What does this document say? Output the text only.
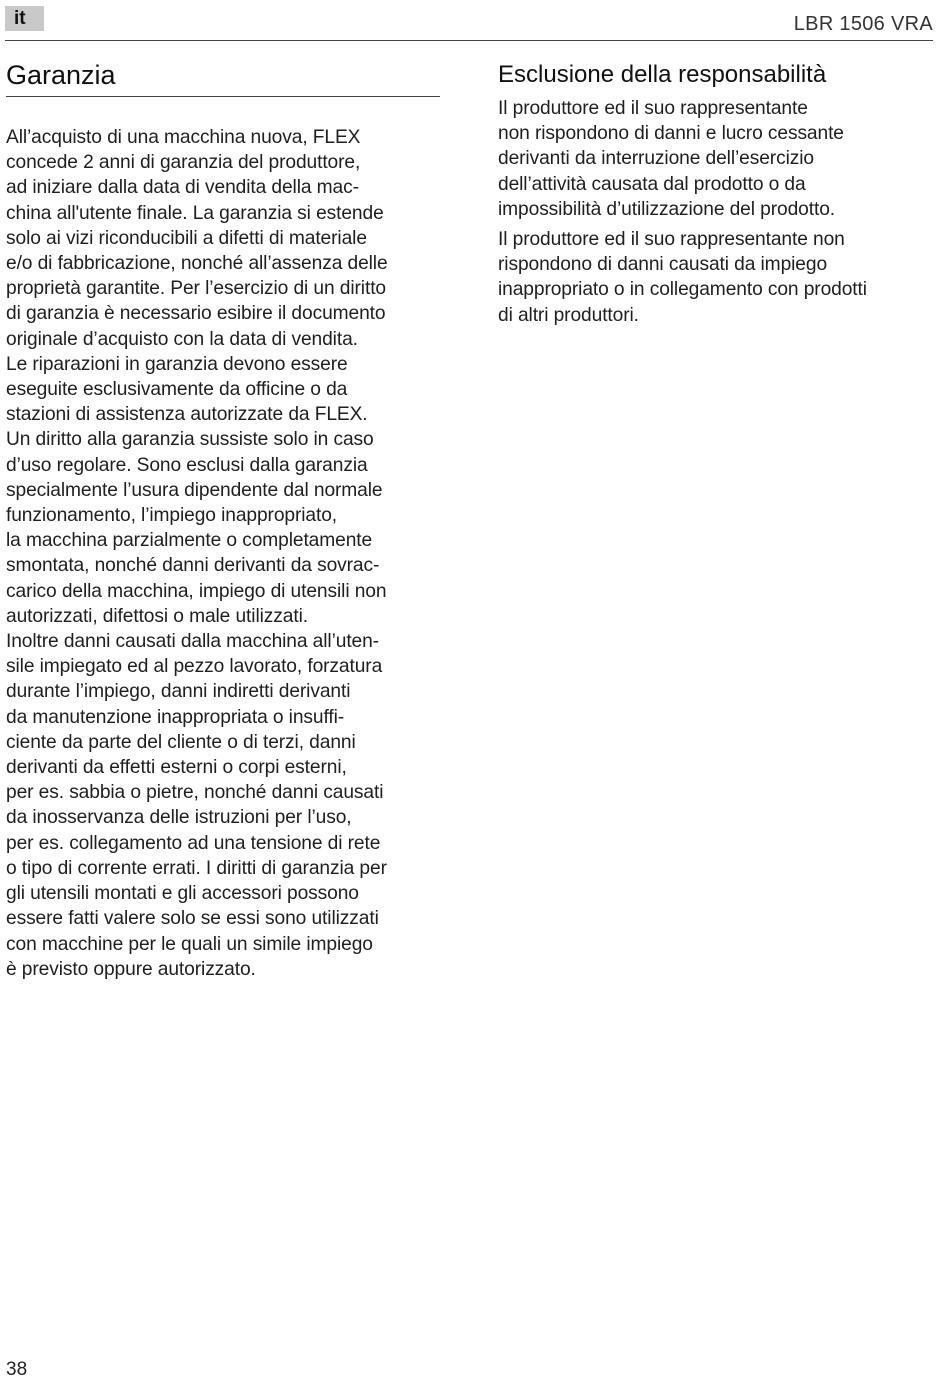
it	LBR 1506 VRA
Garanzia

All’acquisto di una macchina nuova, FLEX
concede 2 anni di garanzia del produttore,
ad iniziare dalla data di vendita della mac-
china all'utente finale. La garanzia si estende
solo ai vizi riconducibili a difetti di materiale
e/o di fabbricazione, nonché all’assenza delle
proprietà garantite. Per l’esercizio di un diritto
di garanzia è necessario esibire il documento
originale d’acquisto con la data di vendita.
Le riparazioni in garanzia devono essere
eseguite esclusivamente da officine o da
stazioni di assistenza autorizzate da FLEX.
Un diritto alla garanzia sussiste solo in caso
d’uso regolare. Sono esclusi dalla garanzia
specialmente l’usura dipendente dal normale
funzionamento, l’impiego inappropriato,
la macchina parzialmente o completamente
smontata, nonché danni derivanti da sovrac-
carico della macchina, impiego di utensili non
autorizzati, difettosi o male utilizzati.
Inoltre danni causati dalla macchina all’uten-
sile impiegato ed al pezzo lavorato, forzatura
durante l’impiego, danni indiretti derivanti
da manutenzione inappropriata o insuffi-
ciente da parte del cliente o di terzi, danni
derivanti da effetti esterni o corpi esterni,
per es. sabbia o pietre, nonché danni causati
da inosservanza delle istruzioni per l’uso,
per es. collegamento ad una tensione di rete
o tipo di corrente errati. I diritti di garanzia per
gli utensili montati e gli accessori possono
essere fatti valere solo se essi sono utilizzati
con macchine per le quali un simile impiego
è previsto oppure autorizzato.

Esclusione della responsabilità

Il produttore ed il suo rappresentante
non rispondono di danni e lucro cessante
derivanti da interruzione dell’esercizio
dell’attività causata dal prodotto o da
impossibilità d’utilizzazione del prodotto.

Il produttore ed il suo rappresentante non
rispondono di danni causati da impiego
inappropriato o in collegamento con prodotti
di altri produttori.

38
